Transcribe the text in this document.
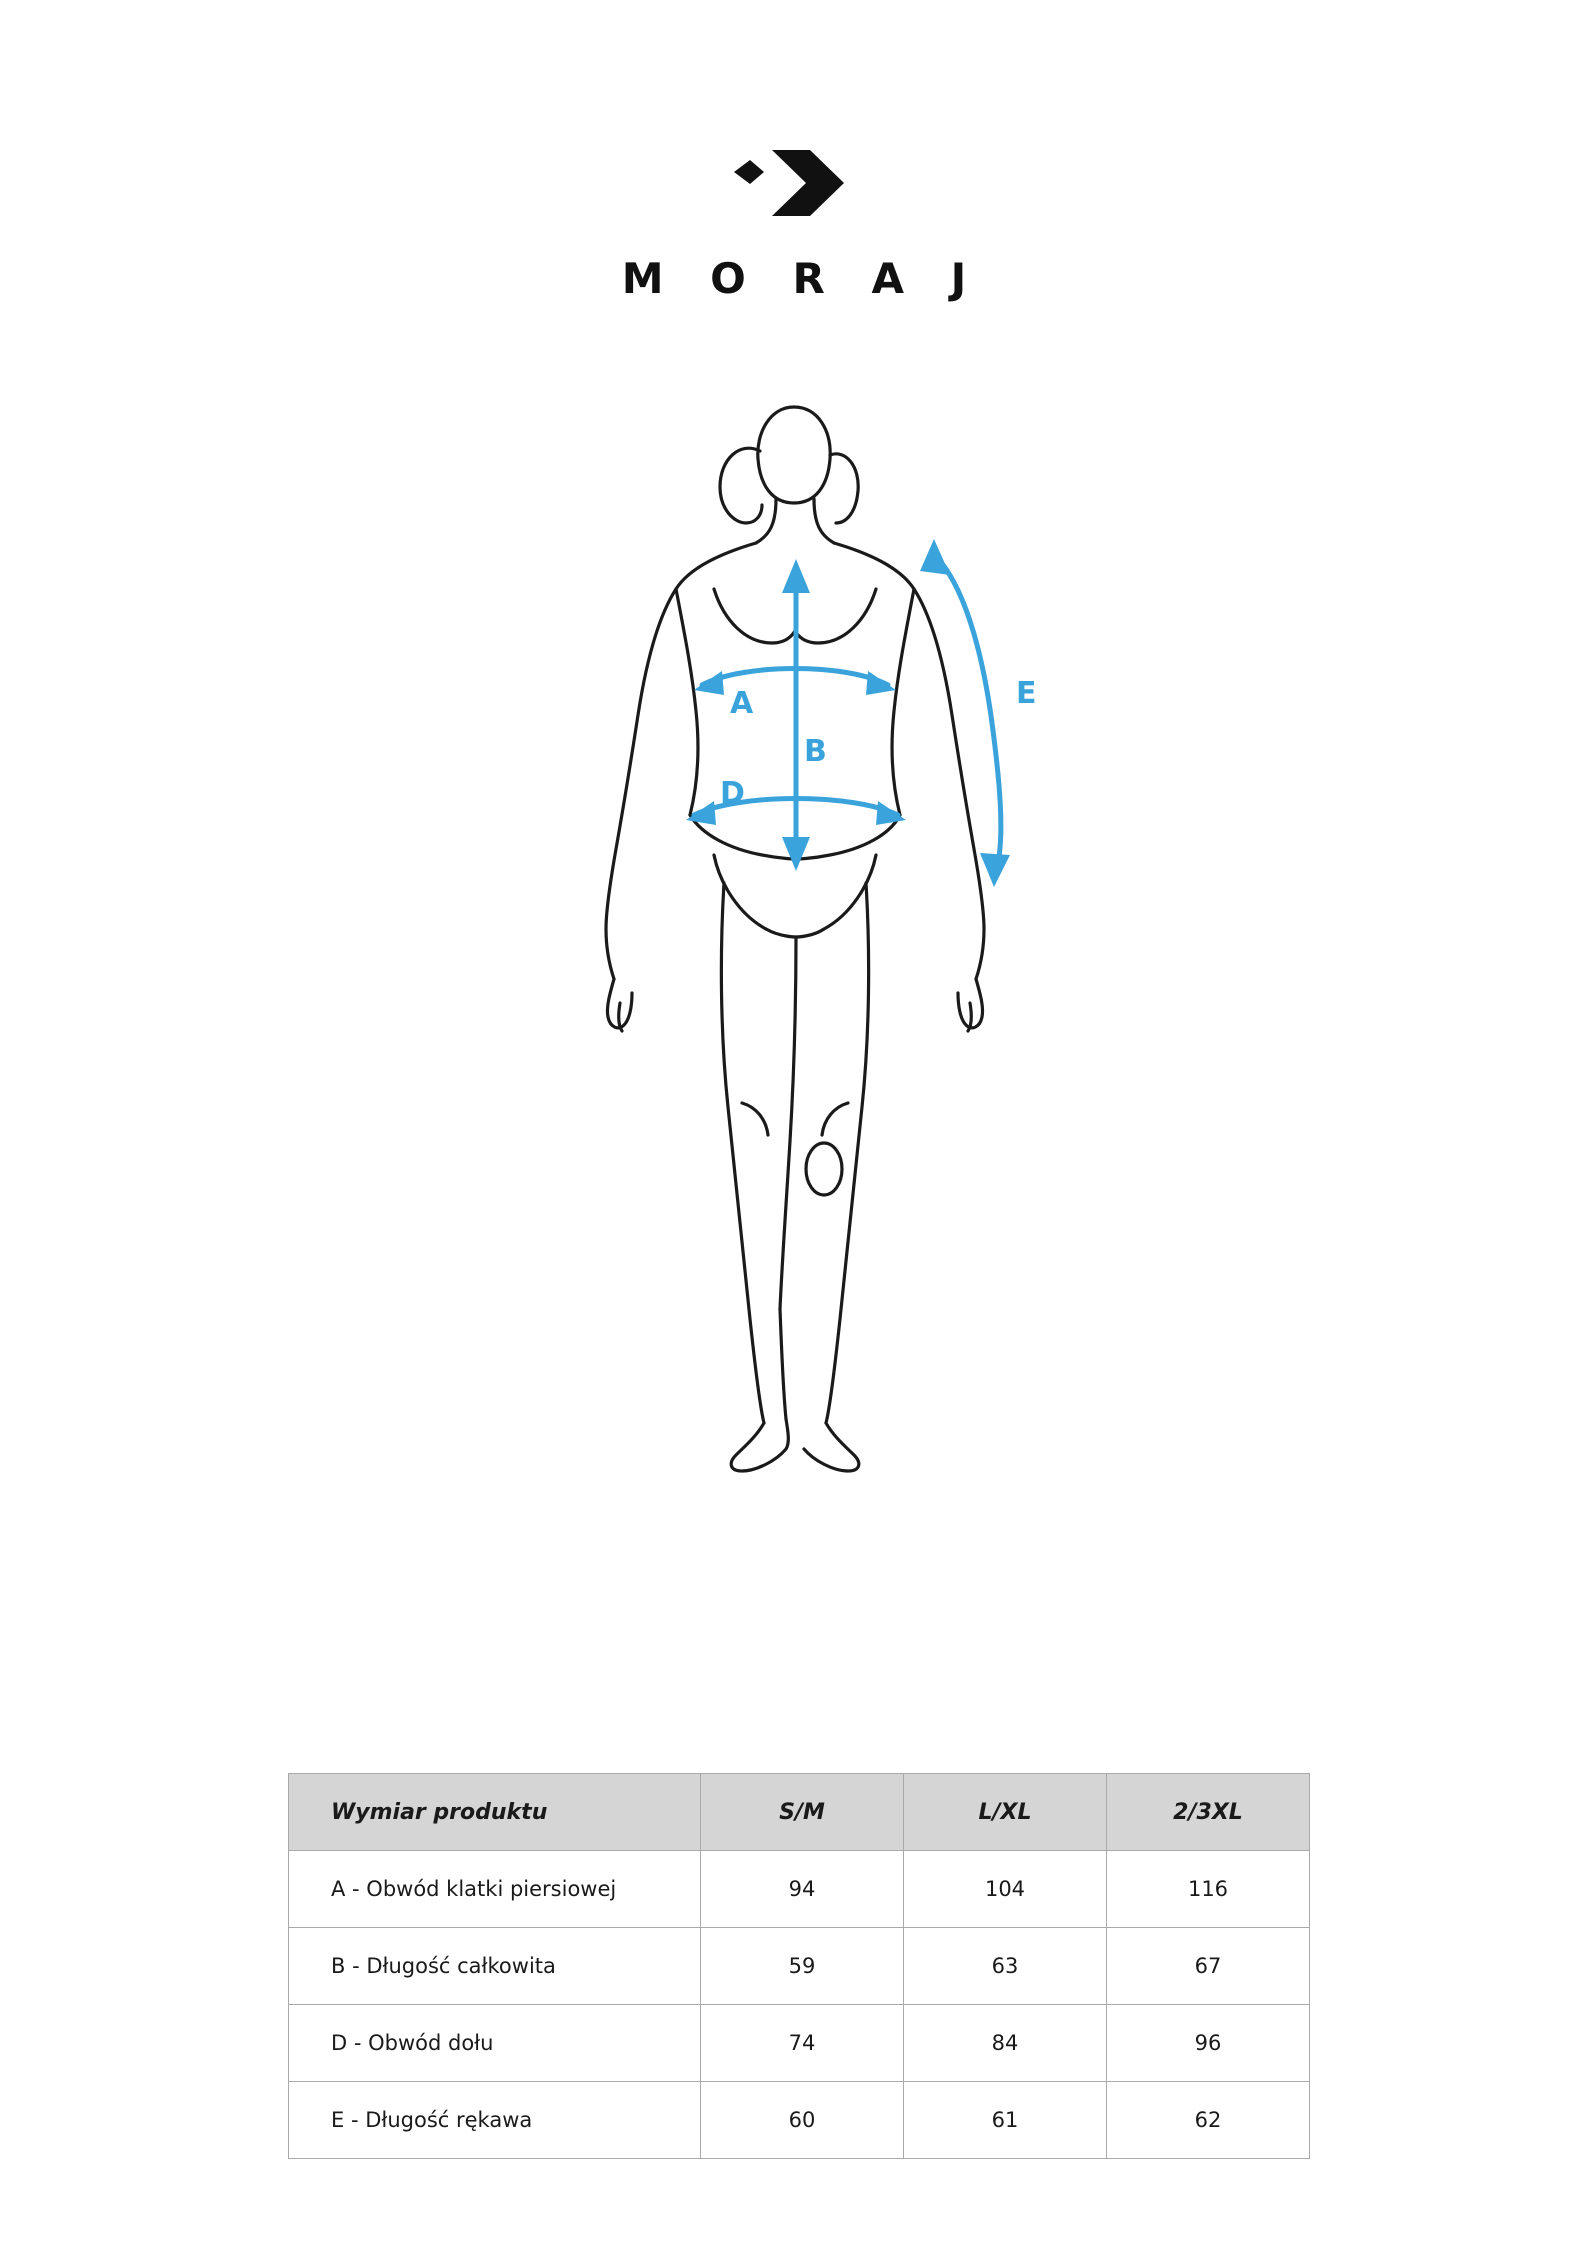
M O R A J
A
B
D
E
Wymiar produktu	S/M	L/XL	2/3XL
A - Obwód klatki piersiowej	94	104	116
B - Długość całkowita	59	63	67
D - Obwód dołu	74	84	96
E - Długość rękawa	60	61	62
